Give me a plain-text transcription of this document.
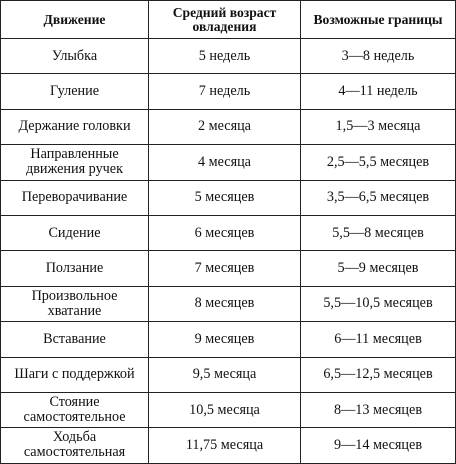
Движение	Средний возраст овладения	Возможные границы
Улыбка	5 недель	3—8 недель
Гуление	7 недель	4—11 недель
Держание головки	2 месяца	1,5—3 месяца
Направленные движения ручек	4 месяца	2,5—5,5 месяцев
Переворачивание	5 месяцев	3,5—6,5 месяцев
Сидение	6 месяцев	5,5—8 месяцев
Ползание	7 месяцев	5—9 месяцев
Произвольное хватание	8 месяцев	5,5—10,5 месяцев
Вставание	9 месяцев	6—11 месяцев
Шаги с поддержкой	9,5 месяца	6,5—12,5 месяцев
Стояние самостоятельное	10,5 месяца	8—13 месяцев
Ходьба самостоятельная	11,75 месяца	9—14 месяцев
